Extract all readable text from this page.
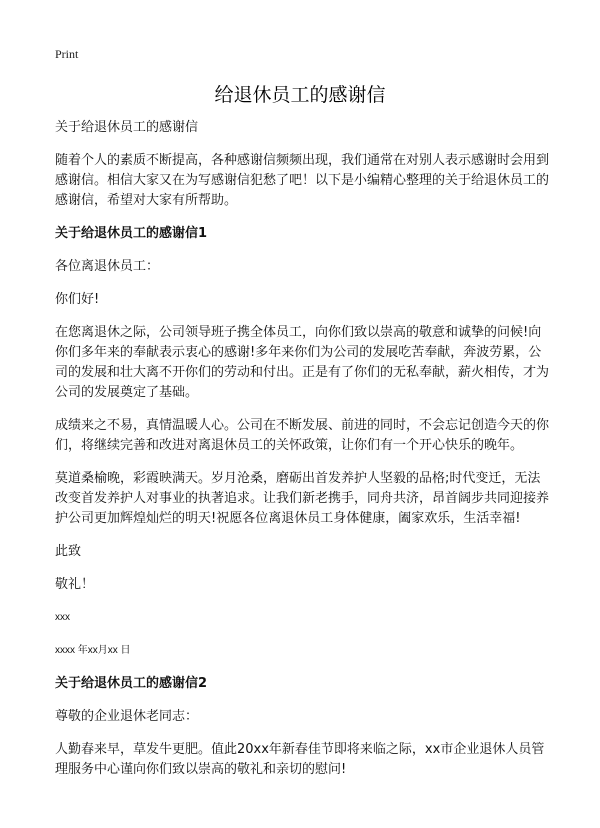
Print
给退休员工的感谢信

关于给退休员工的感谢信

随着个人的素质不断提高，各种感谢信频频出现，我们通常在对别人表示感谢时会用到感谢信。相信大家又在为写感谢信犯愁了吧！以下是小编精心整理的关于给退休员工的感谢信，希望对大家有所帮助。

关于给退休员工的感谢信1

各位离退休员工：

你们好!

在您离退休之际，公司领导班子携全体员工，向你们致以崇高的敬意和诚挚的问候!向你们多年来的奉献表示衷心的感谢!多年来你们为公司的发展吃苦奉献，奔波劳累，公司的发展和壮大离不开你们的劳动和付出。正是有了你们的无私奉献，薪火相传，才为公司的发展奠定了基础。

成绩来之不易，真情温暖人心。公司在不断发展、前进的同时，不会忘记创造今天的你们，将继续完善和改进对离退休员工的关怀政策，让你们有一个开心快乐的晚年。

莫道桑榆晚，彩霞映满天。岁月沧桑，磨砺出首发养护人坚毅的品格;时代变迁，无法改变首发养护人对事业的执著追求。让我们新老携手，同舟共济，昂首阔步共同迎接养护公司更加辉煌灿烂的明天!祝愿各位离退休员工身体健康，阖家欢乐，生活幸福!

此致

敬礼！

xxx

xxxx 年xx月xx 日

关于给退休员工的感谢信2

尊敬的企业退休老同志：

人勤春来早，草发牛更肥。值此20xx年新春佳节即将来临之际，xx市企业退休人员管理服务中心谨向你们致以崇高的敬礼和亲切的慰问!
